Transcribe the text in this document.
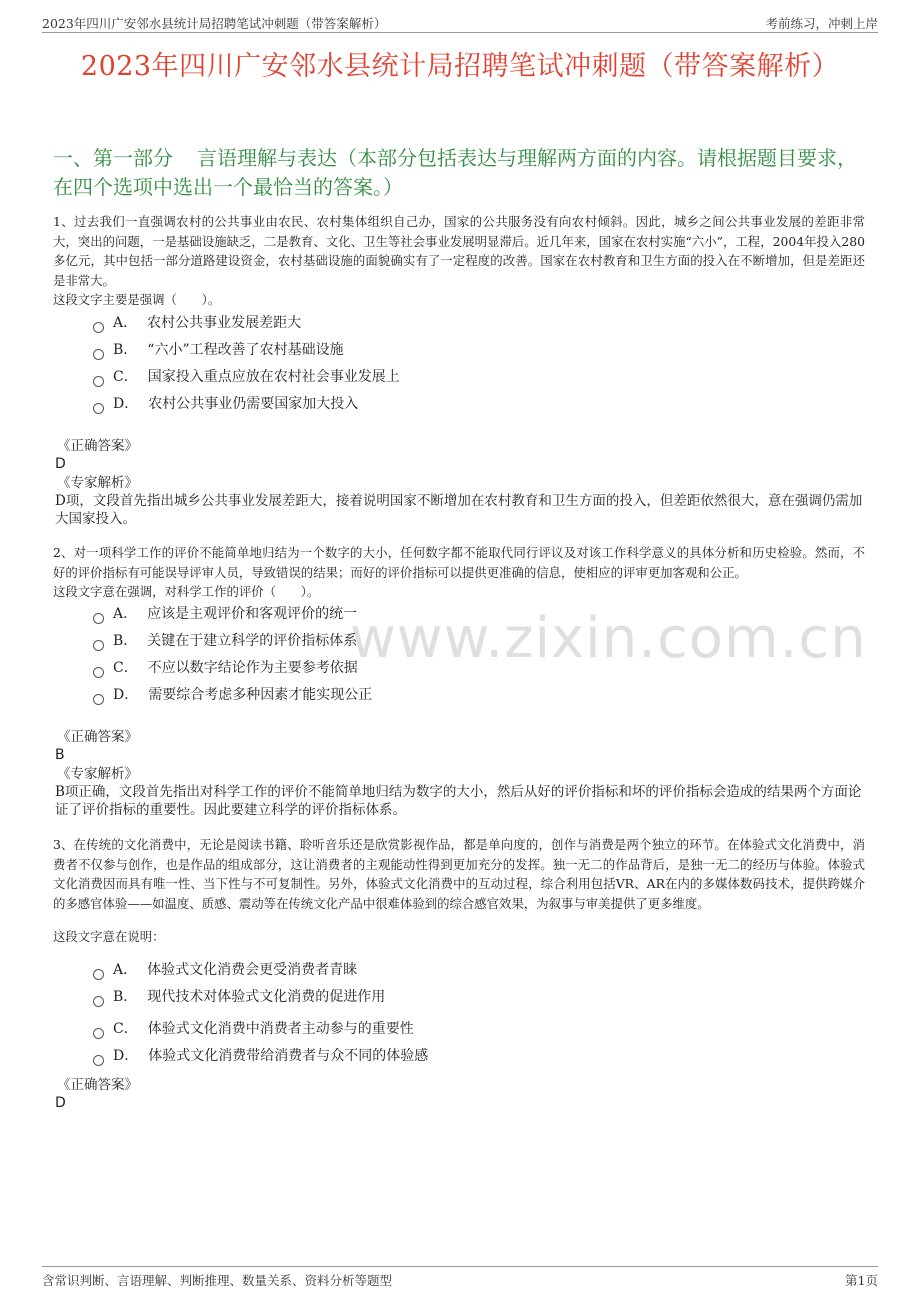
2023年四川广安邻水县统计局招聘笔试冲刺题（带答案解析）	考前练习，冲刺上岸
2023年四川广安邻水县统计局招聘笔试冲刺题（带答案解析）
一、第一部分 言语理解与表达（本部分包括表达与理解两方面的内容。请根据题目要求，在四个选项中选出一个最恰当的答案。）
www.zixin.com.cn
1、过去我们一直强调农村的公共事业由农民、农村集体组织自己办，国家的公共服务没有向农村倾斜。因此，城乡之间公共事业发展的差距非常大，突出的问题，一是基础设施缺乏，二是教育、文化、卫生等社会事业发展明显滞后。近几年来，国家在农村实施“六小”，工程，2004年投入280多亿元，其中包括一部分道路建设资金，农村基础设施的面貌确实有了一定程度的改善。国家在农村教育和卫生方面的投入在不断增加，但是差距还是非常大。
这段文字主要是强调（　　）。
A． 农村公共事业发展差距大
B． “六小”工程改善了农村基础设施
C． 国家投入重点应放在农村社会事业发展上
D． 农村公共事业仍需要国家加大投入
《正确答案》
D
《专家解析》
D项，文段首先指出城乡公共事业发展差距大，接着说明国家不断增加在农村教育和卫生方面的投入，但差距依然很大，意在强调仍需加大国家投入。
2、对一项科学工作的评价不能简单地归结为一个数字的大小，任何数字都不能取代同行评议及对该工作科学意义的具体分析和历史检验。然而，不好的评价指标有可能误导评审人员，导致错误的结果；而好的评价指标可以提供更准确的信息，使相应的评审更加客观和公正。
这段文字意在强调，对科学工作的评价（　　）。
A． 应该是主观评价和客观评价的统一
B． 关键在于建立科学的评价指标体系
C． 不应以数字结论作为主要参考依据
D． 需要综合考虑多种因素才能实现公正
《正确答案》
B
《专家解析》
B项正确，文段首先指出对科学工作的评价不能简单地归结为数字的大小，然后从好的评价指标和坏的评价指标会造成的结果两个方面论证了评价指标的重要性。因此要建立科学的评价指标体系。
3、在传统的文化消费中，无论是阅读书籍、聆听音乐还是欣赏影视作品，都是单向度的，创作与消费是两个独立的环节。在体验式文化消费中，消费者不仅参与创作，也是作品的组成部分，这让消费者的主观能动性得到更加充分的发挥。独一无二的作品背后，是独一无二的经历与体验。体验式文化消费因而具有唯一性、当下性与不可复制性。另外，体验式文化消费中的互动过程，综合利用包括VR、AR在内的多媒体数码技术，提供跨媒介的多感官体验——如温度、质感、震动等在传统文化产品中很难体验到的综合感官效果，为叙事与审美提供了更多维度。
这段文字意在说明：
A． 体验式文化消费会更受消费者青睐
B． 现代技术对体验式文化消费的促进作用
C． 体验式文化消费中消费者主动参与的重要性
D． 体验式文化消费带给消费者与众不同的体验感
《正确答案》
D
含常识判断、言语理解、判断推理、数量关系、资料分析等题型	第1页
